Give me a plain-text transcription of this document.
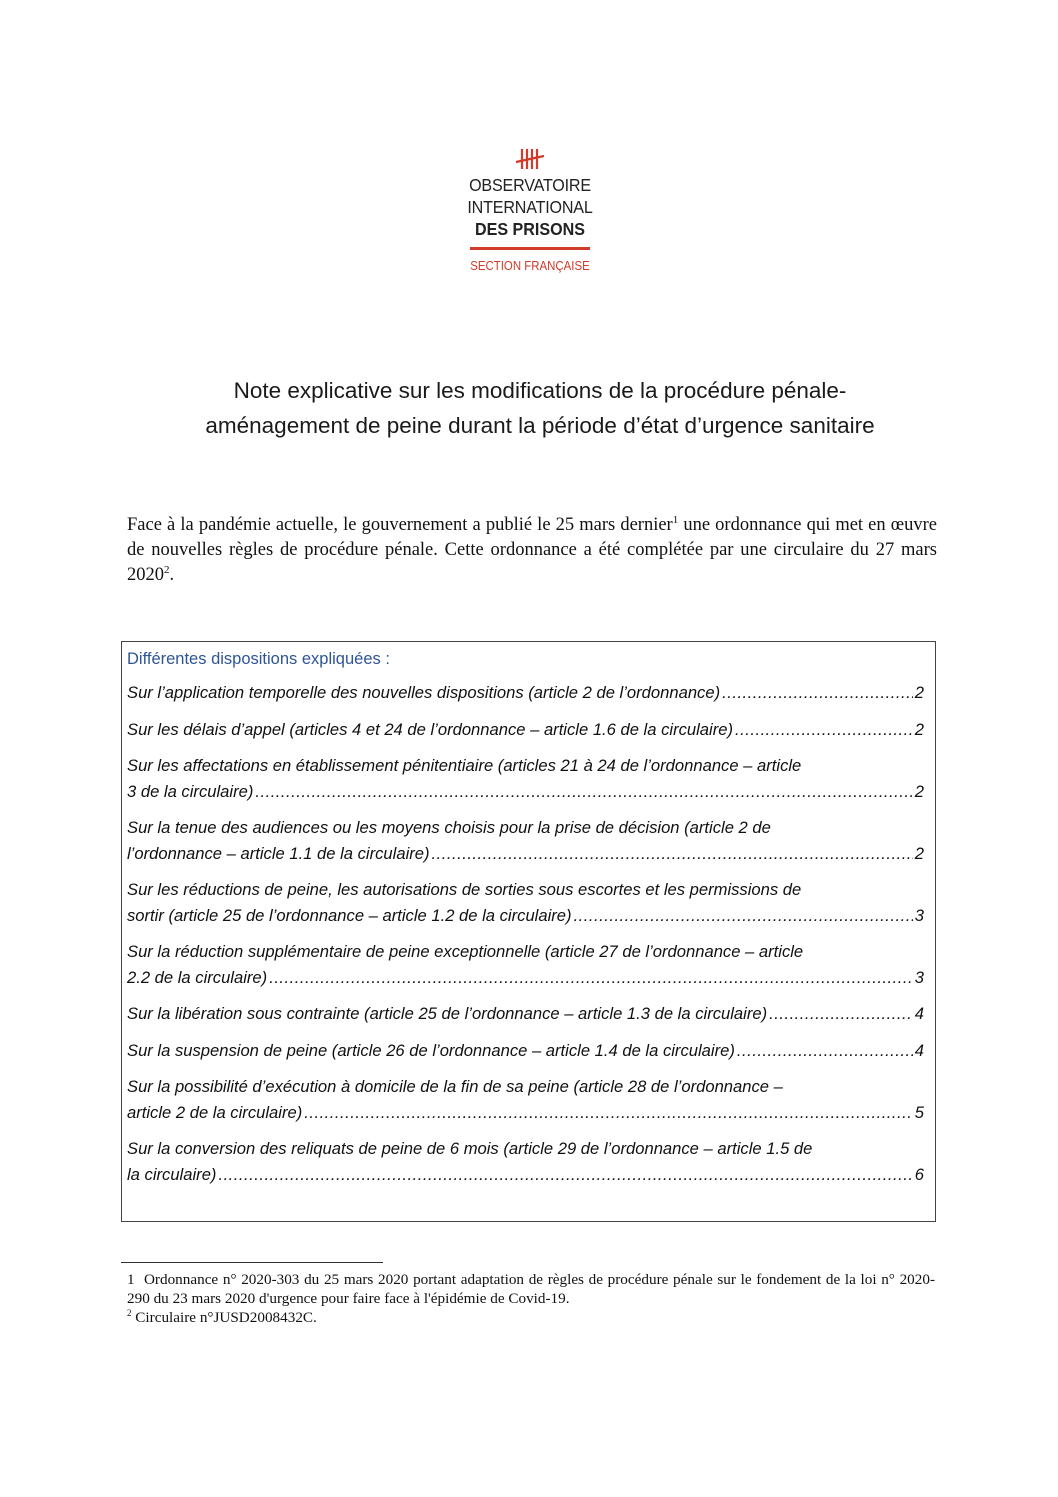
OBSERVATOIRE INTERNATIONAL
DES PRISONS
SECTION FRANÇAISE
Note explicative sur les modifications de la procédure pénale-
aménagement de peine durant la période d’état d’urgence sanitaire

Face à la pandémie actuelle, le gouvernement a publié le 25 mars dernier$^1$ une ordonnance qui met en œuvre de nouvelles règles de procédure pénale. Cette ordonnance a été complétée par une circulaire du 27 mars 2020$^2$.

Différentes dispositions expliquées :
Sur l’application temporelle des nouvelles dispositions (article 2 de l’ordonnance) .....	2
Sur les délais d’appel (articles 4 et 24 de l’ordonnance – article 1.6 de la circulaire) .....	2
Sur les affectations en établissement pénitentiaire (articles 21 à 24 de l’ordonnance – article
3 de la circulaire) .....	2
Sur la tenue des audiences ou les moyens choisis pour la prise de décision (article 2 de
l’ordonnance – article 1.1 de la circulaire) .....	2
Sur les réductions de peine, les autorisations de sorties sous escortes et les permissions de
sortir (article 25 de l’ordonnance – article 1.2 de la circulaire) .....	3
Sur la réduction supplémentaire de peine exceptionnelle (article 27 de l’ordonnance – article
2.2 de la circulaire) .....	3
Sur la libération sous contrainte (article 25 de l’ordonnance – article 1.3 de la circulaire) .....	4
Sur la suspension de peine (article 26 de l’ordonnance – article 1.4 de la circulaire) .....	4
Sur la possibilité d’exécution à domicile de la fin de sa peine (article 28 de l’ordonnance –
article 2 de la circulaire) .....	5
Sur la conversion des reliquats de peine de 6 mois (article 29 de l’ordonnance – article 1.5 de
la circulaire) .....	6

1 Ordonnance n° 2020-303 du 25 mars 2020 portant adaptation de règles de procédure pénale sur le fondement de la loi n° 2020-290 du 23 mars 2020 d'urgence pour faire face à l'épidémie de Covid-19.

$^2$ Circulaire n°JUSD2008432C.
